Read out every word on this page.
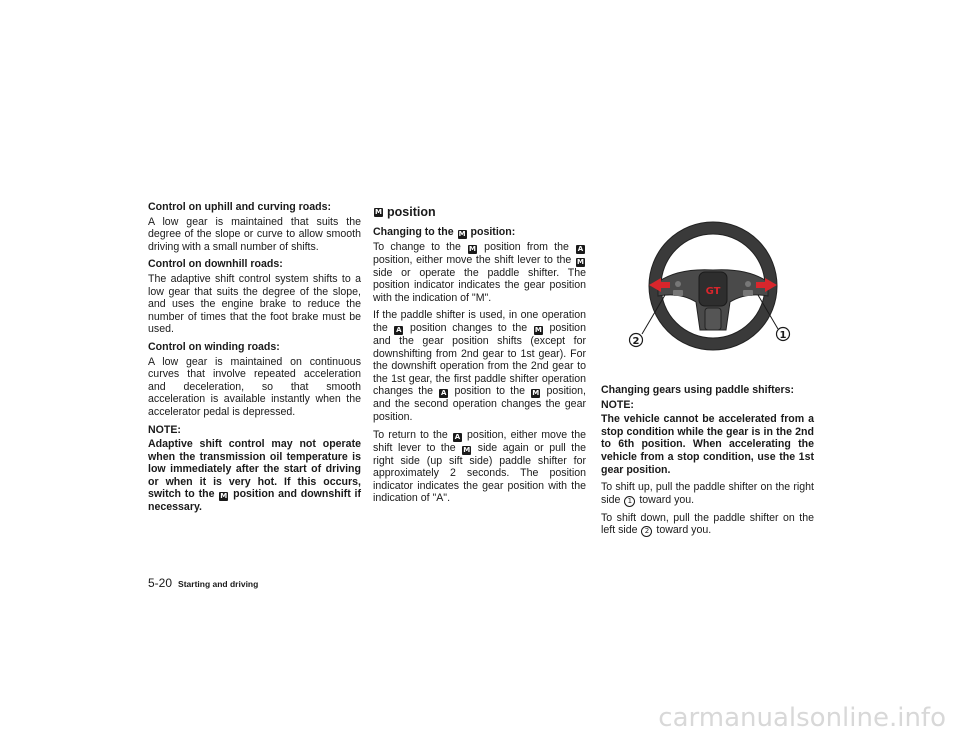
Control on uphill and curving roads:

A low gear is maintained that suits the degree of the slope or curve to allow smooth driving with a small number of shifts.

Control on downhill roads:

The adaptive shift control system shifts to a low gear that suits the degree of the slope, and uses the engine brake to reduce the number of times that the foot brake must be used.

Control on winding roads:

A low gear is maintained on continuous curves that involve repeated acceleration and deceleration, so that smooth acceleration is available instantly when the accelerator pedal is depressed.

NOTE:

Adaptive shift control may not operate when the transmission oil temperature is low immediately after the start of driving or when it is very hot. If this occurs, switch to the M position and downshift if necessary.

M position

Changing to the M position:

To change to the M position from the A position, either move the shift lever to the M side or operate the paddle shifter. The position indicator indicates the gear position with the indication of "M".

If the paddle shifter is used, in one operation the A position changes to the M position and the gear position shifts (except for downshifting from 2nd gear to 1st gear). For the downshift operation from the 2nd gear to the 1st gear, the first paddle shifter operation changes the A position to the M position, and the second operation changes the gear position.

To return to the A position, either move the shift lever to the M side again or pull the right side (up sift side) paddle shifter for approximately 2 seconds. The position indicator indicates the gear position with the indication of "A".

GT
2
1

Changing gears using paddle shifters:

NOTE:

The vehicle cannot be accelerated from a stop condition while the gear is in the 2nd to 6th position. When accelerating the vehicle from a stop condition, use the 1st gear position.

To shift up, pull the paddle shifter on the right side 1 toward you.

To shift down, pull the paddle shifter on the left side 2 toward you.

5-20 Starting and driving
carmanualsonline.info
